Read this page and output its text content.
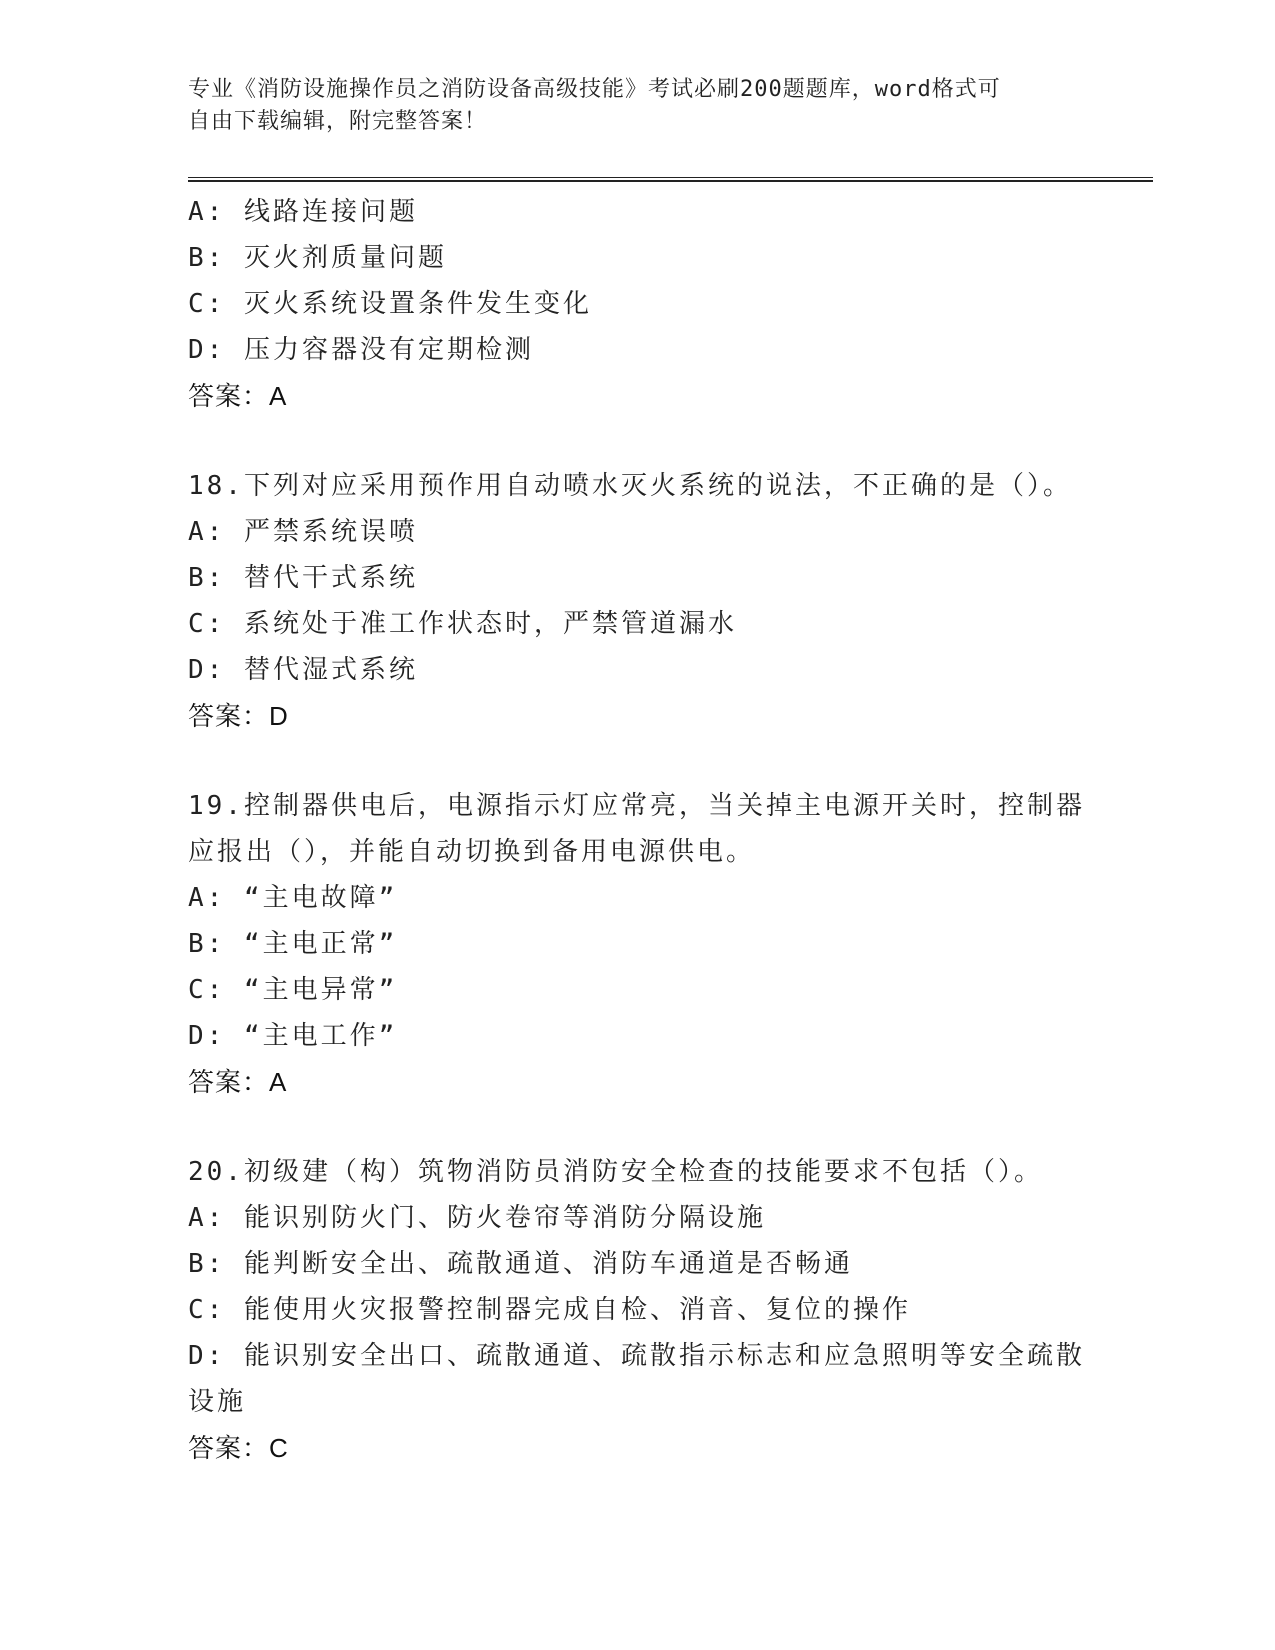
专业《消防设施操作员之消防设备高级技能》考试必刷200题题库，word格式可
自由下载编辑，附完整答案！
A: 线路连接问题
B: 灭火剂质量问题
C: 灭火系统设置条件发生变化
D: 压力容器没有定期检测
答案：A
18.下列对应采用预作用自动喷水灭火系统的说法，不正确的是（）。
A: 严禁系统误喷
B: 替代干式系统
C: 系统处于准工作状态时，严禁管道漏水
D: 替代湿式系统
答案：D
19.控制器供电后，电源指示灯应常亮，当关掉主电源开关时，控制器
应报出（），并能自动切换到备用电源供电。
A: “主电故障”
B: “主电正常”
C: “主电异常”
D: “主电工作”
答案：A
20.初级建（构）筑物消防员消防安全检查的技能要求不包括（）。
A: 能识别防火门、防火卷帘等消防分隔设施
B: 能判断安全出、疏散通道、消防车通道是否畅通
C: 能使用火灾报警控制器完成自检、消音、复位的操作
D: 能识别安全出口、疏散通道、疏散指示标志和应急照明等安全疏散
设施
答案：C
